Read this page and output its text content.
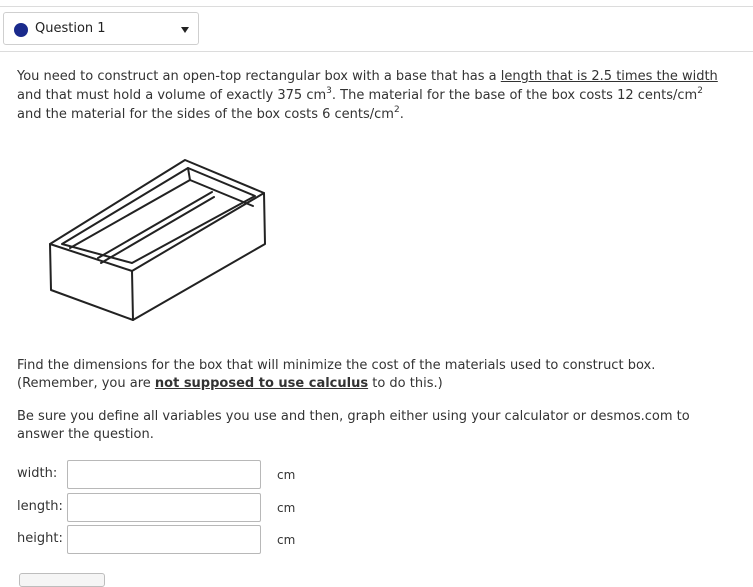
Question 1
You need to construct an open-top rectangular box with a base that has a length that is 2.5 times the width and that must hold a volume of exactly 375 $cm^3$. The material for the base of the box costs 12 cents/$cm^2$
and the material for the sides of the box costs 6 cents/$cm^2$.
Find the dimensions for the box that will minimize the cost of the materials used to construct box. (Remember, you are not supposed to use calculus to do this.)
Be sure you define all variables you use and then, graph either using your calculator or desmos.com to answer the question.
width:	cm
length:	cm
height:	cm
